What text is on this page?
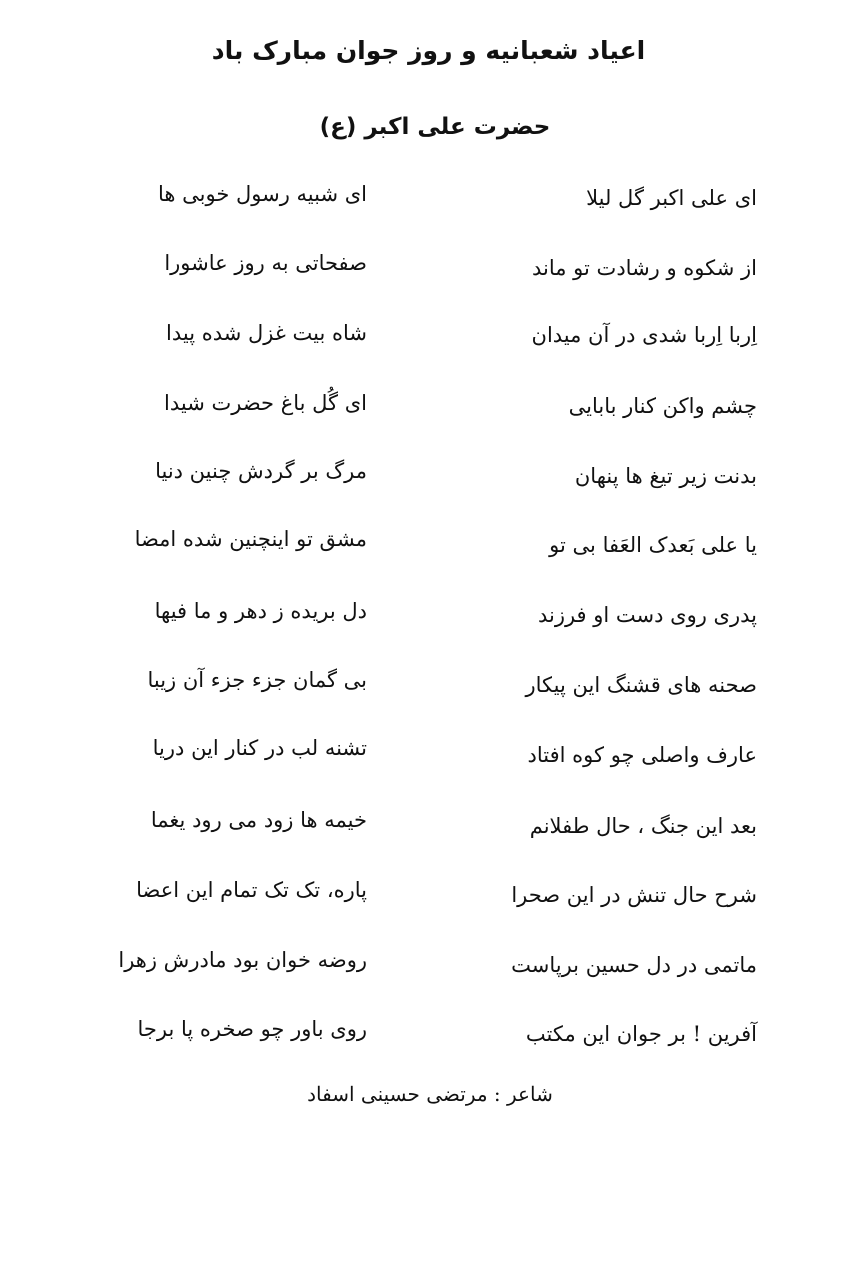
اعیاد شعبانیه و روز جوان مبارک باد
حضرت علی اکبر (ع)
ای علی اکبر گل لیلا
ای شبیه رسول خوبی ها
از شکوه و رشادت تو ماند
صفحاتی به روز عاشورا
اِربا اِربا شدی در آن میدان
شاه بیت غزل شده پیدا
چشم واکن کنار بابایی
ای گُل باغ حضرت شیدا
بدنت زیر تیغ ها پنهان
مرگ بر گردش چنین دنیا
یا علی بَعدک العَفا بی تو
مشق تو اینچنین شده امضا
پدری روی دست او فرزند
دل بریده ز دهر و ما فیها
صحنه های قشنگ این پیکار
بی گمان جزء جزء آن زیبا
عارف واصلی چو کوه افتاد
تشنه لب در کنار این دریا
بعد این جنگ ، حال طفلانم
خیمه ها زود می رود یغما
شرح حال تنش در این صحرا
پاره، تک تک تمام این اعضا
ماتمی در دل حسین برپاست
روضه خوان بود مادرش زهرا
آفرین ! بر جوان این مکتب
روی باور چو صخره پا برجا
شاعر : مرتضی حسینی اسفاد
